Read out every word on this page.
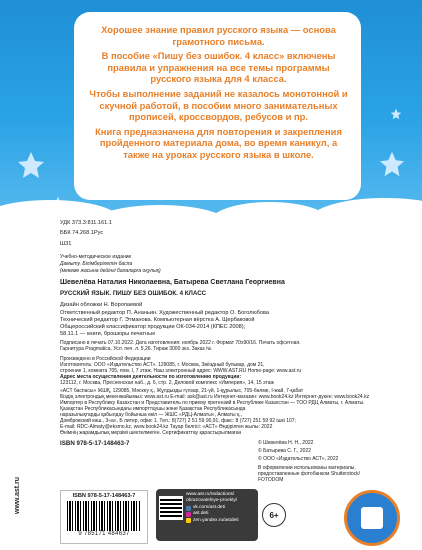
Хорошее знание правил русского языка — основа грамотного письма.

В пособие «Пишу без ошибок. 4 класс» включены правила и упражнения на все темы программы русского языка для 4 класса.

Чтобы выполнение заданий не казалось монотонной и скучной работой, в пособии много занимательных прописей, кроссвордов, ребусов и пр.

Книга предназначена для повторения и закрепления пройденного материала дома, во время каникул, а также на уроках русского языка в школе.

УДК 373.3:811.161.1
ББК 74.268.1Рус
Ш31
Учебно-методическое издание
Дамыту. Білімберілетін баспа
(мекеме жасына дейінгі балаларға оқулық)
Шевелёва Наталия Николаевна, Батырева Светлана Георгиевна
РУССКИЙ ЯЗЫК. ПИШУ БЕЗ ОШИБОК. 4 КЛАСС
Дизайн обложки Н. Воропаевой
Ответственный редактор П. Ананьин. Художественный редактор О. Боголюбова
Технический редактор Г. Этманова. Компьютерная вёрстка А. Щербаковой
Общероссийский классификатор продукции ОК-034-2014 (КПЕС 2008);
58.11.1 — книги, брошюры печатные
Подписано в печать 07.10.2022. Дата изготовления: ноябрь 2022 г. Формат 70х90/16. Печать офсетная.
Гарнитура Pragmatica. Усл. печ. л. 5,26. Тираж 3000 экз. Заказ №
Произведено в Российской Федерации
Изготовитель: ООО «Издательство АСТ». 129085, г. Москва, Звёздный бульвар, дом 21,
строение 1, комната 705, пом. I, 7 этаж. Наш электронный адрес: WWW.AST.RU Home-page: www.ast.ru
Адрес места осуществления деятельности по изготовлению продукции:
123112, г. Москва, Пресненская наб., д. 6, стр. 2, Деловой комплекс «Империя», 14, 15 этаж
«АСТ баспасы» ЖШҚ, 129085, Мәскеу қ., Жұлдызды гүлзар, 21-үй, 1-құрылыс, 705-бөлме, I-жай, 7-қабат
Біздің электрондық мекенжайымыз: www.ast.ru E-mail: ask@ast.ru Интернет-магазин: www.book24.kz Интернет-дүкен: www.book24.kz
Импортер в Республику Казахстан и Представитель по приему претензий в Республике Казахстан — ТОО РДЦ Алматы, г. Алматы.
Қазақстан Республикасындағы импорттаушы және Қазақстан Республикасында
наразылықтарды қабылдау бойынша өкіл — ЖШС «РДЦ-Алматы», Алматы қ.,
Домбровский көш., 3«а», Б литер, офис 1. Тел.: 8(727) 2 51 59 90,91, факс: 8 (727) 251 59 92 ішкі 107;
E-mail: RDC-Almaty@eksmo.kz, www.book24.kz Тауар белгісі: «АСТ» Өндірілген жылы: 2022
Өнімнің жарамдылық мерзімі шектелмеген. Сертификаттау қарастырылмаған
ISBN 978-5-17-148463-7	© Шевелёва Н. Н., 2022
© Батырева С. Г., 2022
© ООО «Издательство АСТ», 2022
В оформлении использованы материалы,
предоставленные фотобанком Shutterstock/
FOTODOM
www.ast.ru	ISBN 978-5-17-148463-7
9 785171 484637
www.ast.ru/redactions/
obrazovatelnye-proekty/
vk.com/ast.deti
ast.deti
zen.yandex.ru/astdeti
6+
